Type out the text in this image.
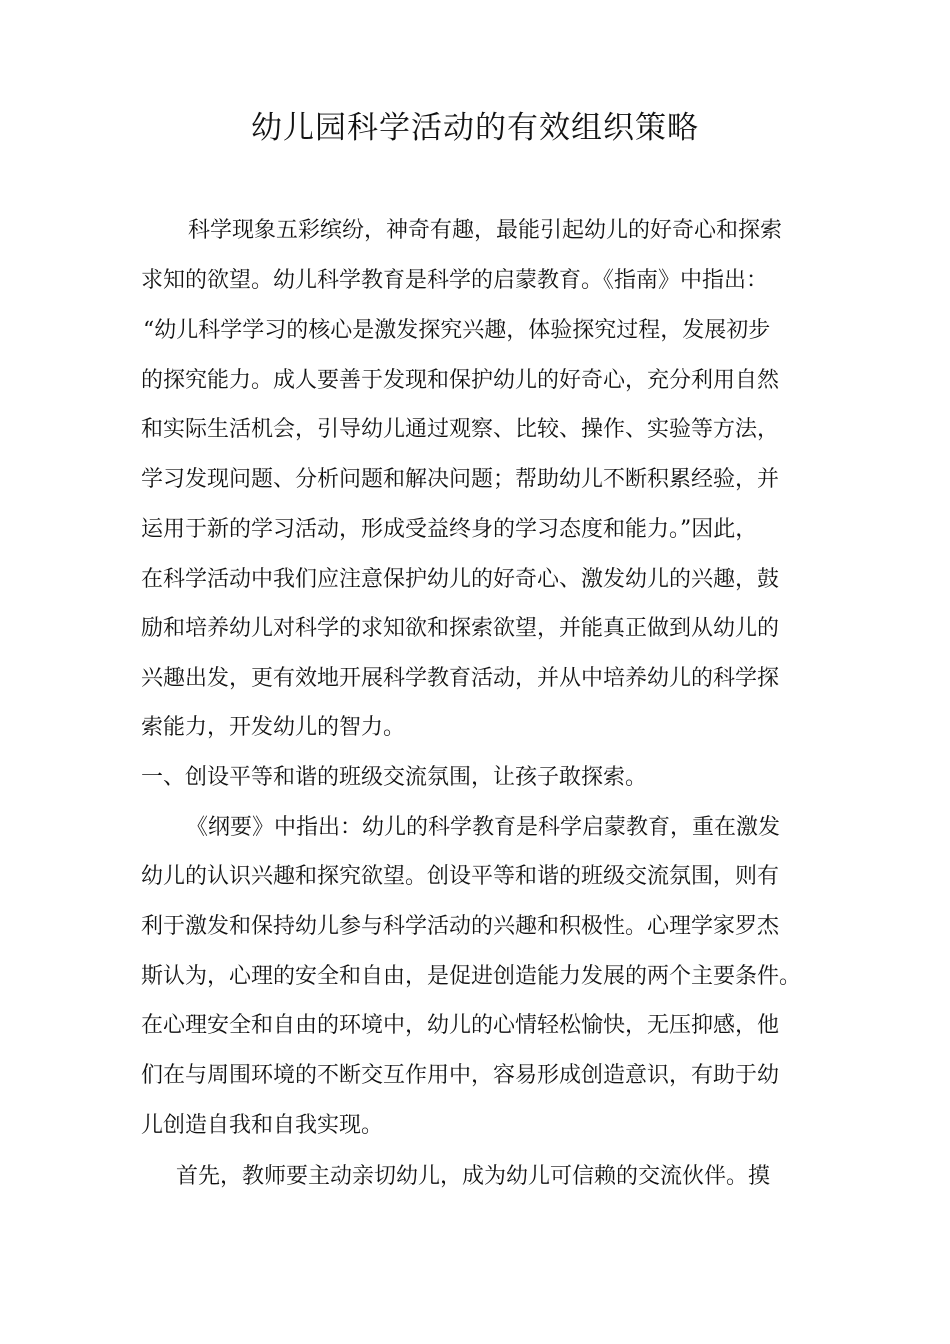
幼儿园科学活动的有效组织策略
科学现象五彩缤纷，神奇有趣，最能引起幼儿的好奇心和探索
求知的欲望。幼儿科学教育是科学的启蒙教育。《指南》中指出：
“幼儿科学学习的核心是激发探究兴趣，体验探究过程，发展初步
的探究能力。成人要善于发现和保护幼儿的好奇心，充分利用自然
和实际生活机会，引导幼儿通过观察、比较、操作、实验等方法，
学习发现问题、分析问题和解决问题；帮助幼儿不断积累经验，并
运用于新的学习活动，形成受益终身的学习态度和能力。”因此，
在科学活动中我们应注意保护幼儿的好奇心、激发幼儿的兴趣，鼓
励和培养幼儿对科学的求知欲和探索欲望，并能真正做到从幼儿的
兴趣出发，更有效地开展科学教育活动，并从中培养幼儿的科学探
索能力，开发幼儿的智力。
一、创设平等和谐的班级交流氛围，让孩子敢探索。
《纲要》中指出：幼儿的科学教育是科学启蒙教育，重在激发
幼儿的认识兴趣和探究欲望。创设平等和谐的班级交流氛围，则有
利于激发和保持幼儿参与科学活动的兴趣和积极性。心理学家罗杰
斯认为，心理的安全和自由，是促进创造能力发展的两个主要条件。
在心理安全和自由的环境中，幼儿的心情轻松愉快，无压抑感，他
们在与周围环境的不断交互作用中，容易形成创造意识，有助于幼
儿创造自我和自我实现。
首先，教师要主动亲切幼儿，成为幼儿可信赖的交流伙伴。摸
